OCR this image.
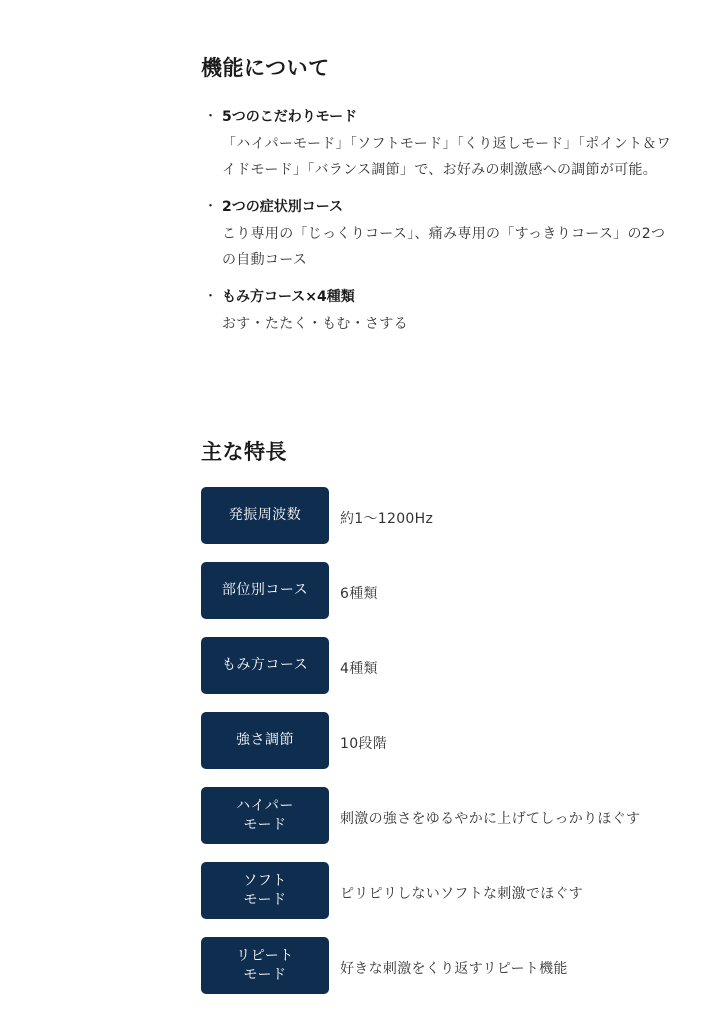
機能について
・ 5つのこだわりモード
「ハイパーモード」「ソフトモード」「くり返しモード」「ポイント＆ワイドモード」「バランス調節」で、お好みの刺激感への調節が可能。
・ 2つの症状別コース
こり専用の「じっくりコース」、痛み専用の「すっきりコース」の2つの自動コース
・ もみ方コース×4種類
おす・たたく・もむ・さする
主な特長
発振周波数	約1〜1200Hz
部位別コース	6種類
もみ方コース	4種類
強さ調節	10段階
ハイパー
モード	刺激の強さをゆるやかに上げてしっかりほぐす
ソフト
モード	ピリピリしないソフトな刺激でほぐす
リピート
モード	好きな刺激をくり返すリピート機能
